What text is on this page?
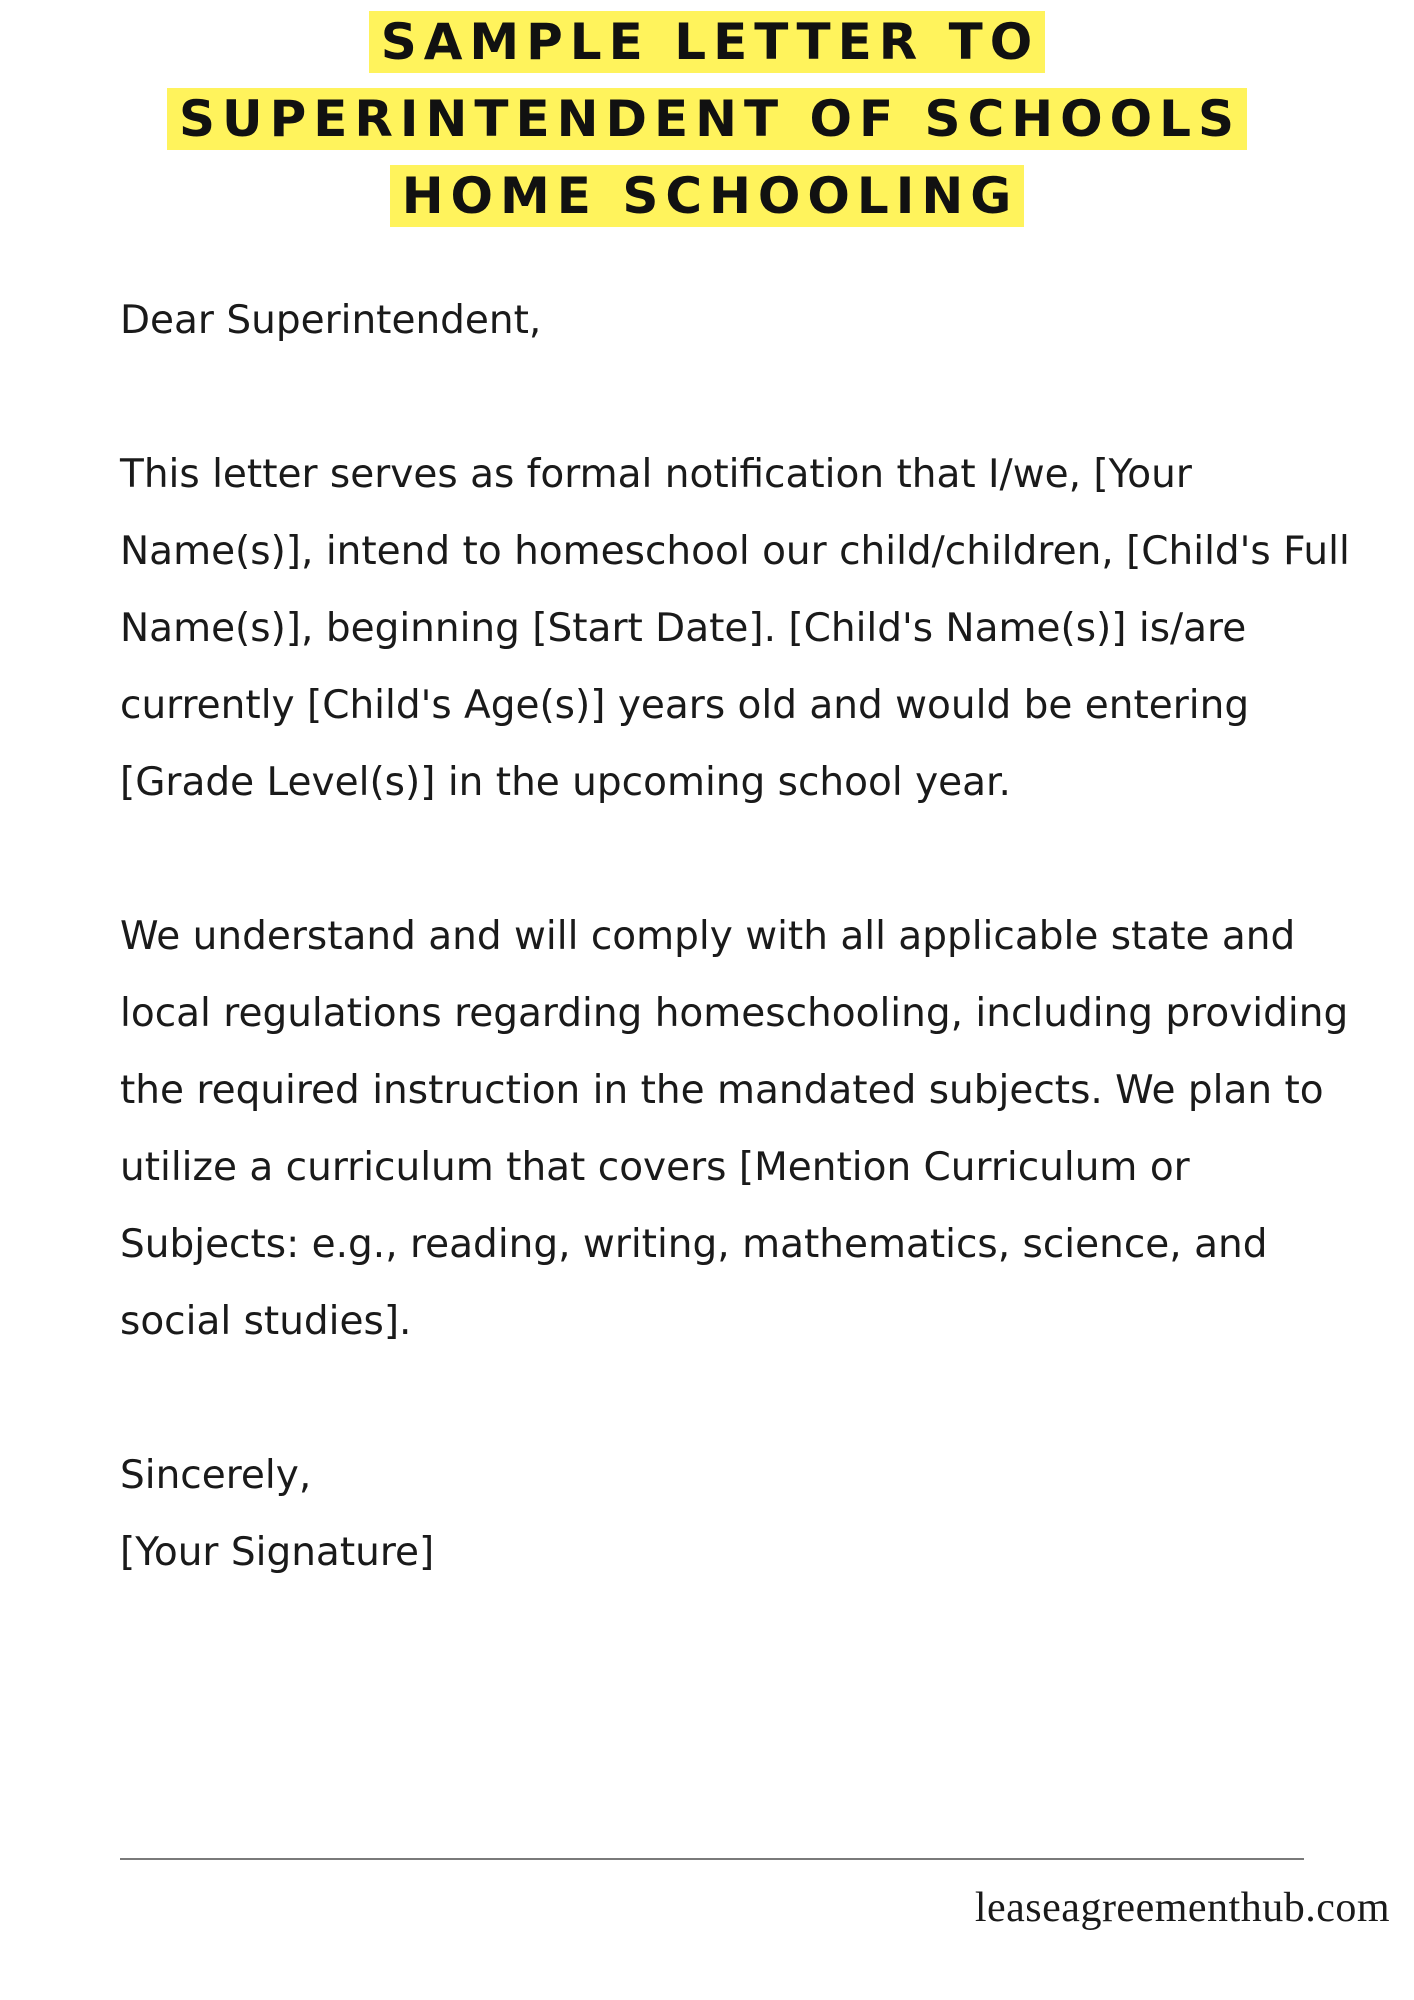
SAMPLE LETTER TO
SUPERINTENDENT OF SCHOOLS
HOME SCHOOLING

Dear Superintendent,

This letter serves as formal notification that I/we, [Your Name(s)], intend to homeschool our child/children, [Child's Full Name(s)], beginning [Start Date]. [Child's Name(s)] is/are currently [Child's Age(s)] years old and would be entering [Grade Level(s)] in the upcoming school year.

We understand and will comply with all applicable state and local regulations regarding homeschooling, including providing the required instruction in the mandated subjects. We plan to utilize a curriculum that covers [Mention Curriculum or Subjects: e.g., reading, writing, mathematics, science, and social studies].

Sincerely,

[Your Signature]

leaseagreementhub.com
